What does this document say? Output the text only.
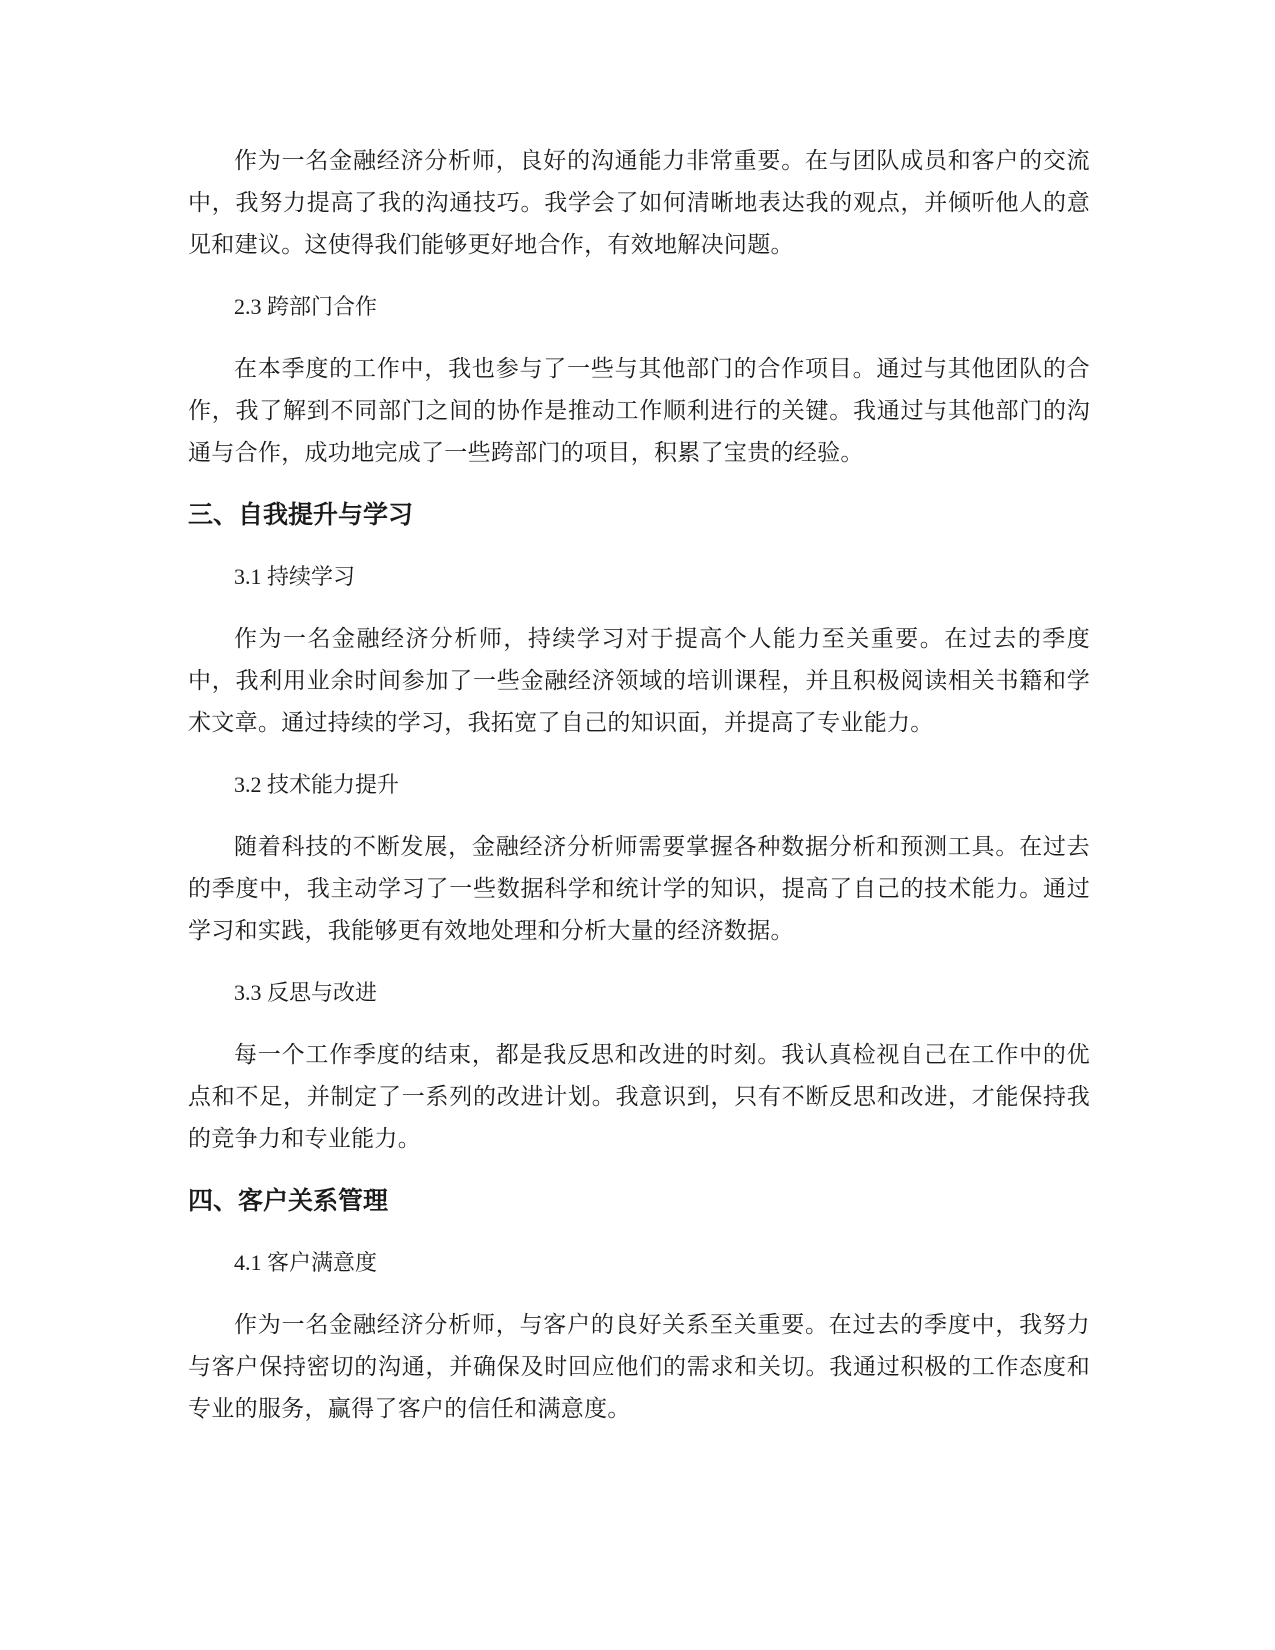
作为一名金融经济分析师，良好的沟通能力非常重要。在与团队成员和客户的交流中，我努力提高了我的沟通技巧。我学会了如何清晰地表达我的观点，并倾听他人的意见和建议。这使得我们能够更好地合作，有效地解决问题。

2.3 跨部门合作

在本季度的工作中，我也参与了一些与其他部门的合作项目。通过与其他团队的合作，我了解到不同部门之间的协作是推动工作顺利进行的关键。我通过与其他部门的沟通与合作，成功地完成了一些跨部门的项目，积累了宝贵的经验。

三、自我提升与学习

3.1 持续学习

作为一名金融经济分析师，持续学习对于提高个人能力至关重要。在过去的季度中，我利用业余时间参加了一些金融经济领域的培训课程，并且积极阅读相关书籍和学术文章。通过持续的学习，我拓宽了自己的知识面，并提高了专业能力。

3.2 技术能力提升

随着科技的不断发展，金融经济分析师需要掌握各种数据分析和预测工具。在过去的季度中，我主动学习了一些数据科学和统计学的知识，提高了自己的技术能力。通过学习和实践，我能够更有效地处理和分析大量的经济数据。

3.3 反思与改进

每一个工作季度的结束，都是我反思和改进的时刻。我认真检视自己在工作中的优点和不足，并制定了一系列的改进计划。我意识到，只有不断反思和改进，才能保持我的竞争力和专业能力。

四、客户关系管理

4.1 客户满意度

作为一名金融经济分析师，与客户的良好关系至关重要。在过去的季度中，我努力与客户保持密切的沟通，并确保及时回应他们的需求和关切。我通过积极的工作态度和专业的服务，赢得了客户的信任和满意度。
